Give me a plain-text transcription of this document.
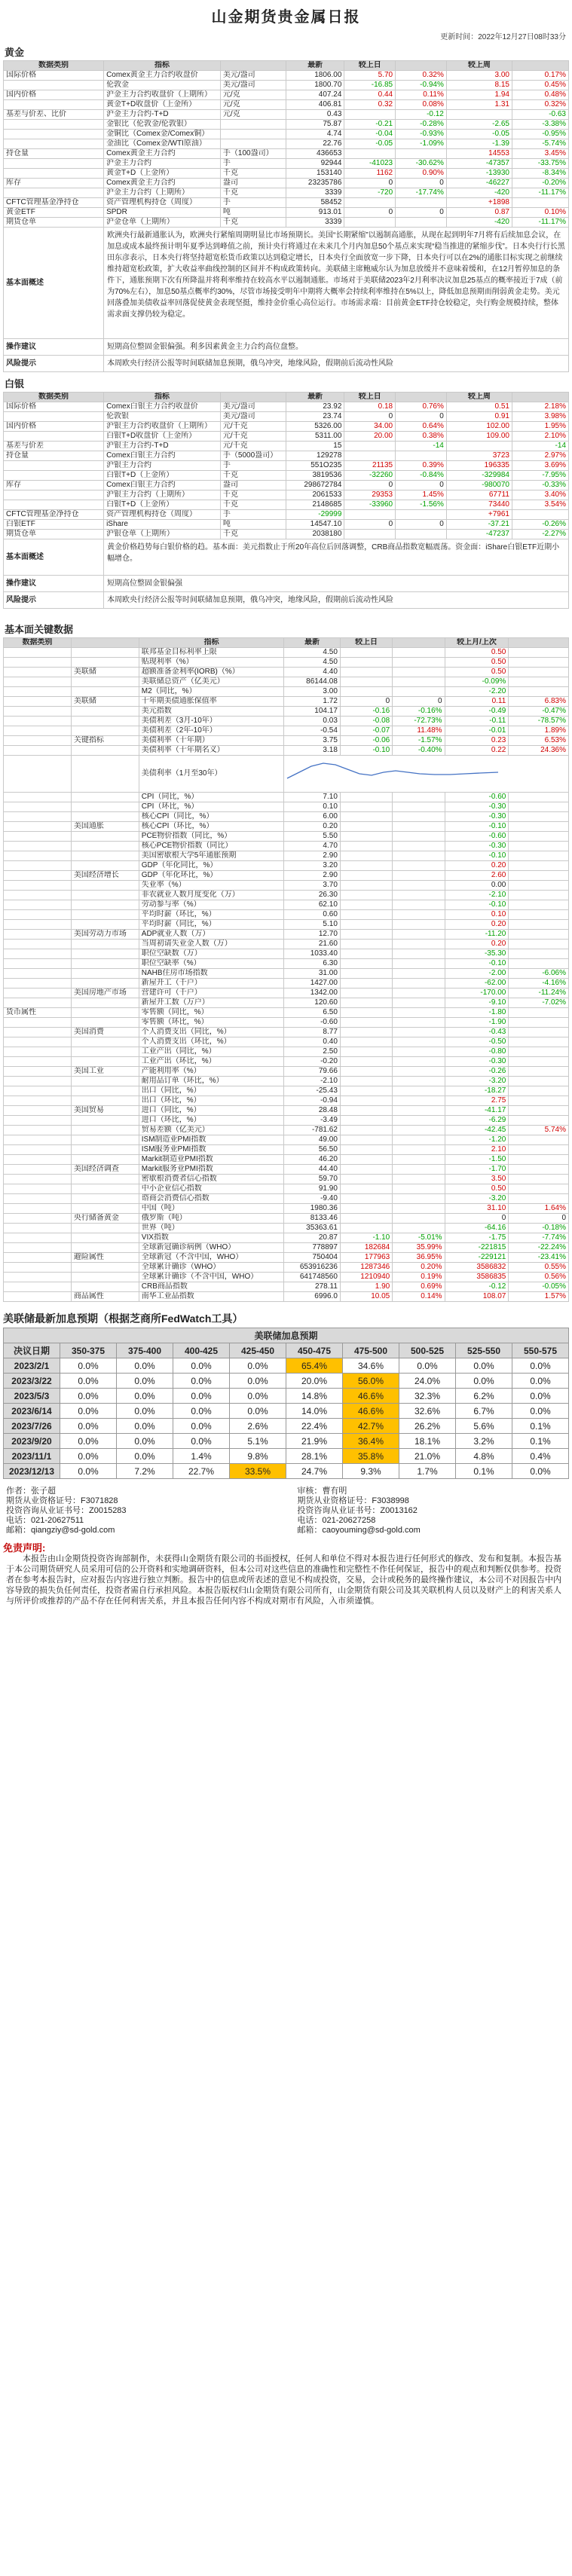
山金期货贵金属日报
更新时间：2022年12月27日08时33分
黄金
数据类别	指标		最新	较上日		较上周	
国际价格	Comex黄金主力合约收盘价	美元/盎司	1806.00	5.70	0.32%	3.00	0.17%
	伦敦金	美元/盎司	1800.70	-16.85	-0.94%	8.15	0.45%
国内价格	沪金主力合约收盘价（上期所）	元/克	407.24	0.44	0.11%	1.94	0.48%
	黄金T+D收盘价（上金所）	元/克	406.81	0.32	0.08%	1.31	0.32%
基差与价差、比价	沪金主力合约-T+D	元/克	0.43		-0.12		-0.63
	金银比（伦敦金/伦敦银）		75.87	-0.21	-0.28%	-2.65	-3.38%
	金铜比（Comex金/Comex铜）		4.74	-0.04	-0.93%	-0.05	-0.95%
	金油比（Comex金/WTI原油）		22.76	-0.05	-1.09%	-1.39	-5.74%
持仓量	Comex黄金主力合约	手（100盎司）	436653			14553	3.45%
	沪金主力合约	手	92944	-41023	-30.62%	-47357	-33.75%
	黄金T+D（上金所）	千克	153140	1162	0.90%	-13930	-8.34%
库存	Comex黄金主力合约	盎司	23235786	0	0	-46227	-0.20%
	沪金主力合约（上期所）	千克	3339	-720	-17.74%	-420	-11.17%
CFTC管理基金净持仓	资产管理机构持仓（周度）	手	58452			+1898	
黄金ETF	SPDR	吨	913.01	0	0	0.87	0.10%
期货仓单	沪金仓单（上期所）	千克	3339			-420	-11.17%
基本面概述	欧洲央行最新通胀认为，欧洲央行紧缩周期明显比市场预期长。美国“长期紧缩”以遏制高通胀，从现在起到明年7月将有后续加息会议，在加息或成本最终预计明年夏季达到峰值之前，预计央行将通过在未来几个月内加息50个基点来实现“稳当推进的紧缩步伐”。日本央行行长黑田东彦表示，日本央行将坚持超宽松货币政策以达到稳定增长，日本央行全面放宽一步下降，日本央行可以在2%的通胀目标实现之前继续维持超宽松政策，扩大收益率曲线控制的区间并不构成政策转向。美联储主席鲍威尔认为加息放缓并不意味着缓和，在12月暂停加息的条件下，通胀预期下次有所降温并将利率维持在较高水平以遏制通胀。市场对于美联储2023年2月利率决议加息25基点的概率接近于7成（前为70%左右），加息50基点概率约30%，尽管市场接受明年中期将大概率会持续利率维持在5%以上，降低加息预期而削弱黄金走势。美元回落叠加美债收益率回落促使黄金表现坚挺，维持金价重心高位运行。市场需求端：目前黄金ETF持仓较稳定，央行购金规模持续，整体需求面支撑仍较为稳定。						
操作建议	短期高位整固金银偏强。利多因素黄金主力合约高位盘整。						
风险提示	本周欧央行经济公报等时间联储加息预期，俄乌冲突，地缘风险，假期前后流动性风险						
白银
数据类别	指标		最新	较上日		较上周	
国际价格	Comex白银主力合约收盘价	美元/盎司	23.92	0.18	0.76%	0.51	2.18%
	伦敦银	美元/盎司	23.74	0	0	0.91	3.98%
国内价格	沪银主力合约收盘价（上期所）	元/千克	5326.00	34.00	0.64%	102.00	1.95%
	白银T+D收盘价（上金所）	元/千克	5311.00	20.00	0.38%	109.00	2.10%
基差与价差	沪银主力合约-T+D	元/千克	15		-14		-14
持仓量	Comex白银主力合约	手（5000盎司）	129278			3723	2.97%
	沪银主力合约	手	551O235	21135	0.39%	196335	3.69%
	白银T+D（上金所）	千克	3819536	-32260	-0.84%	-329984	-7.95%
库存	Comex白银主力合约	盎司	298672784	0	0	-980070	-0.33%
	沪银主力合约（上期所）	千克	2061533	29353	1.45%	67711	3.40%
	白银T+D（上金所）	千克	2148685	-33960	-1.56%	73440	3.54%
CFTC管理基金净持仓	资产管理机构持仓（周度）	手	-29999			+7961	
白银ETF	iShare	吨	14547.10	0	0	-37.21	-0.26%
期货仓单	沪银仓单（上期所）	千克	2038180			-47237	-2.27%
基本面概述	黄金价格趋势每白银价格的趋。基本面：美元指数止于所20年高位后回落调整，CRB商品指数宽幅震荡。资金面：iShare白银ETF近期小幅增仓。						
操作建议	短期高位整固金银偏强						
风险提示	本周欧央行经济公报等时间联储加息预期，俄乌冲突，地缘风险，假期前后流动性风险						
基本面关键数据
数据类别		指标	最新	较上日		较上月/上次	
		联邦基金目标利率上限	4.50			0.50	
		贴现利率（%）	4.50			0.50	
	美联储	超额准备金利率(IORB)（%）	4.40			0.50	
		美联储总资产（亿美元）	86144.08			-0.09%	
		M2（同比，%）	3.00			-2.20	
	美联储	十年期美债通胀保值率	1.72	0	0	0.11	6.83%
		美元指数	104.17	-0.16	-0.16%	-0.49	-0.47%
		美债利差（3月-10年）	0.03	-0.08	-72.73%	-0.11	-78.57%
		美债利差（2年-10年）	-0.54	-0.07	11.48%	-0.01	1.89%
	关键指标	美债利率（十年期）	3.75	-0.06	-1.57%	0.23	6.53%
		美债利率（十年期名义）	3.18	-0.10	-0.40%	0.22	24.36%
		美债利率（1月至30年）	
		CPI（同比，%）	7.10			-0.60	
		CPI（环比，%）	0.10			-0.30	
		核心CPI（同比，%）	6.00			-0.30	
	美国通胀	核心CPI（环比，%）	0.20			-0.10	
		PCE物价指数（同比，%）	5.50			-0.60	
		核心PCE物价指数（同比）	4.70			-0.30	
		美国密歇根大学5年通胀预期	2.90			-0.10	
		GDP（年化同比，%）	3.20			0.20	
	美国经济增长	GDP（年化环比，%）	2.90			2.60	
		失业率（%）	3.70			0.00	
		非农就业人数月度变化（万）	26.30			-2.10	
		劳动参与率（%）	62.10			-0.10	
		平均时薪（环比，%）	0.60			0.10	
		平均时薪（同比，%）	5.10			0.20	
	美国劳动力市场	ADP就业人数（万）	12.70			-11.20	
		当周初请失业金人数（万）	21.60			0.20	
		职位空缺数（万）	1033.40			-35.30	
		职位空缺率（%）	6.30			-0.10	
		NAHB住房市场指数	31.00			-2.00	-6.06%
		新屋开工（千户）	1427.00			-62.00	-4.16%
	美国房地产市场	营建许可（千户）	1342.00			-170.00	-11.24%
		新屋开工数（万户）	120.60			-9.10	-7.02%
货币属性		零售额（同比，%）	6.50			-1.80	
		零售额（环比，%）	-0.60			-1.90	
	美国消费	个人消费支出（同比，%）	8.77			-0.43	
		个人消费支出（环比，%）	0.40			-0.50	
		工业产出（同比，%）	2.50			-0.80	
		工业产出（环比，%）	-0.20			-0.30	
	美国工业	产能利用率（%）	79.66			-0.26	
		耐用品订单（环比，%）	-2.10			-3.20	
		出口（同比，%）	-25.43			-18.27	
		出口（环比，%）	-0.94			2.75	
	美国贸易	进口（同比，%）	28.48			-41.17	
		进口（环比，%）	-3.49			-6.29	
		贸易差额（亿美元）	-781.62			-42.45	5.74%
		ISM制造业PMI指数	49.00			-1.20	
		ISM服务业PMI指数	56.50			2.10	
		Markit制造业PMI指数	46.20			-1.50	
	美国经济调查	Markit服务业PMI指数	44.40			-1.70	
		密歇根消费者信心指数	59.70			3.50	
		中小企业信心指数	91.90			0.50	
		谘商会消费信心指数	-9.40			-3.20	
		中国（吨）	1980.36			31.10	1.64%
	央行储备黄金	俄罗斯（吨）	8133.46			0	0
		世界（吨）	35363.61			-64.16	-0.18%
		VIX指数	20.87	-1.10	-5.01%	-1.75	-7.74%
		全球新冠确诊病例（WHO）	778897	182684	35.99%	-221815	-22.24%
	避险属性	全球新冠（不含中国，WHO）	750404	177963	36.95%	-229121	-23.41%
		全球累计确诊（WHO）	653916236	1287346	0.20%	3586832	0.55%
		全球累计确诊（不含中国，WHO）	641748560	1210940	0.19%	3586835	0.56%
		CRB商品指数	278.11	1.90	0.69%	-0.12	-0.05%
	商品属性	南华工业品指数	6996.0	10.05	0.14%	108.07	1.57%
美联储最新加息预期（根据芝商所FedWatch工具）
美联储加息预期									
决议日期	350-375	375-400	400-425	425-450	450-475	475-500	500-525	525-550	550-575
2023/2/1	0.0%	0.0%	0.0%	0.0%	65.4%	34.6%	0.0%	0.0%	0.0%
2023/3/22	0.0%	0.0%	0.0%	0.0%	20.0%	56.0%	24.0%	0.0%	0.0%
2023/5/3	0.0%	0.0%	0.0%	0.0%	14.8%	46.6%	32.3%	6.2%	0.0%
2023/6/14	0.0%	0.0%	0.0%	0.0%	14.0%	46.6%	32.6%	6.7%	0.0%
2023/7/26	0.0%	0.0%	0.0%	2.6%	22.4%	42.7%	26.2%	5.6%	0.1%
2023/9/20	0.0%	0.0%	0.0%	5.1%	21.9%	36.4%	18.1%	3.2%	0.1%
2023/11/1	0.0%	0.0%	1.4%	9.8%	28.1%	35.8%	21.0%	4.8%	0.4%
2023/12/13	0.0%	7.2%	22.7%	33.5%	24.7%	9.3%	1.7%	0.1%	0.0%
作者：张子超
期货从业资格证号：F3071828
投资咨询从业证书号：Z0015283
电话：021-20627511
邮箱：qiangziy@sd-gold.com
审核：曹有明
期货从业资格证号：F3038998
投资咨询从业证书号：Z0013162
电话：021-20627258
邮箱：caoyouming@sd-gold.com
免责声明:
本报告由山金期货投资咨询部制作，未获得山金期货有限公司的书面授权，任何人和单位不得对本报告进行任何形式的修改、发布和复制。本报告基于本公司期货研究人员采用可信的公开资料和实地调研资料，但本公司对这些信息的准确性和完整性不作任何保证，报告中的观点和判断仅供参考。投资者在参考本报告时，应对报告内容进行独立判断。报告中的信息或所表述的意见不构成投资，交易，会计或税务的最终操作建议，本公司不对因报告中内容导致的损失负任何责任，投资者需自行承担风险。本报告版权归山金期货有限公司所有，山金期货有限公司及其关联机构人员以及财产上的利害关系人与所评价或推荐的产品不存在任何利害关系，并且本报告任何内容不构成对期市有风险，入市须谨慎。
